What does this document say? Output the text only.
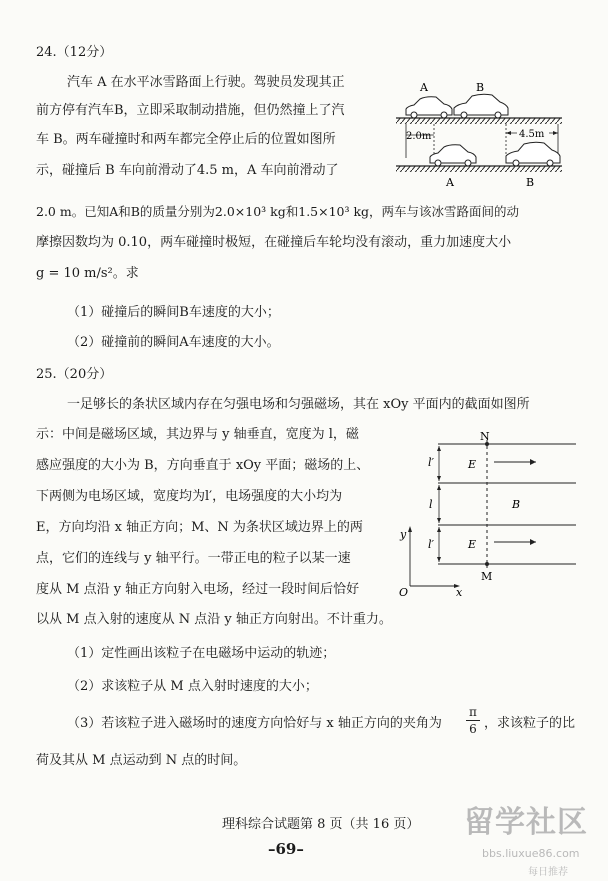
24.（12分）
汽车 A 在水平冰雪路面上行驶。驾驶员发现其正
前方停有汽车B，立即采取制动措施，但仍然撞上了汽
车 B。两车碰撞时和两车都完全停止后的位置如图所
示，碰撞后 B 车向前滑动了4.5 m，A 车向前滑动了
2.0 m。已知A和B的质量分别为2.0×10³ kg和1.5×10³ kg，两车与该冰雪路面间的动
摩擦因数均为 0.10，两车碰撞时极短，在碰撞后车轮均没有滚动，重力加速度大小
g = 10 m/s²。求
（1）碰撞后的瞬间B车速度的大小；
（2）碰撞前的瞬间A车速度的大小。
A	B
2.0m	4.5m
A	B
25.（20分）
一足够长的条状区域内存在匀强电场和匀强磁场，其在 xOy 平面内的截面如图所
示：中间是磁场区域，其边界与 y 轴垂直，宽度为 l，磁
感应强度的大小为 B，方向垂直于 xOy 平面；磁场的上、
下两侧为电场区域，宽度均为l′，电场强度的大小均为
E，方向均沿 x 轴正方向；M、N 为条状区域边界上的两
点，它们的连线与 y 轴平行。一带正电的粒子以某一速
度从 M 点沿 y 轴正方向射入电场，经过一段时间后恰好
以从 M 点入射的速度从 N 点沿 y 轴正方向射出。不计重力。
（1）定性画出该粒子在电磁场中运动的轨迹；
（2）求该粒子从 M 点入射时速度的大小；
（3）若该粒子进入磁场时的速度方向恰好与 x 轴正方向的夹角为
π
6 ，求该粒子的比
荷及其从 M 点运动到 N 点的时间。
N
M
l′
l
l′
E
E
B
y
O	x
理科综合试题第 8 页（共 16 页）
–69–
留学社区
bbs.liuxue86.com
每日推荐
